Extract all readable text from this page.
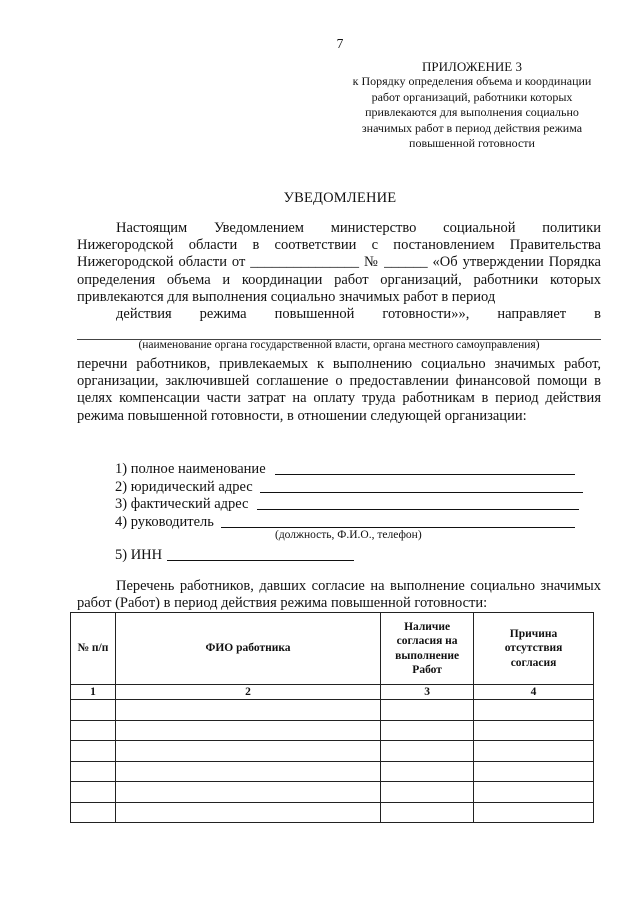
7
ПРИЛОЖЕНИЕ 3
к Порядку определения объема и координации
работ организаций, работники которых
привлекаются для выполнения социально
значимых работ в период действия режима
повышенной готовности
УВЕДОМЛЕНИЕ

Настоящим Уведомлением министерство социальной политики Нижегородской области в соответствии с постановлением Правительства Нижегородской области от _______________ № ______ «Об утверждении Порядка определения объема и координации работ организаций, работники которых привлекаются для выполнения социально значимых работ в период

действия режима повышенной готовности»», направляет в

(наименование органа государственной власти, органа местного самоуправления)
перечни работников, привлекаемых к выполнению социально значимых работ, организации, заключившей соглашение о предоставлении финансовой помощи в целях компенсации части затрат на оплату труда работникам в период действия режима повышенной готовности, в отношении следующей организации:
1) полное наименование
2) юридический адрес
3) фактический адрес
4) руководитель
5) ИНН
(должность, Ф.И.О., телефон)

Перечень работников, давших согласие на выполнение социально значимых работ (Работ) в период действия режима повышенной готовности:

№ п/п	ФИО работника	Наличие согласия на выполнение Работ	Причина отсутствия согласия
1	2	3	4
